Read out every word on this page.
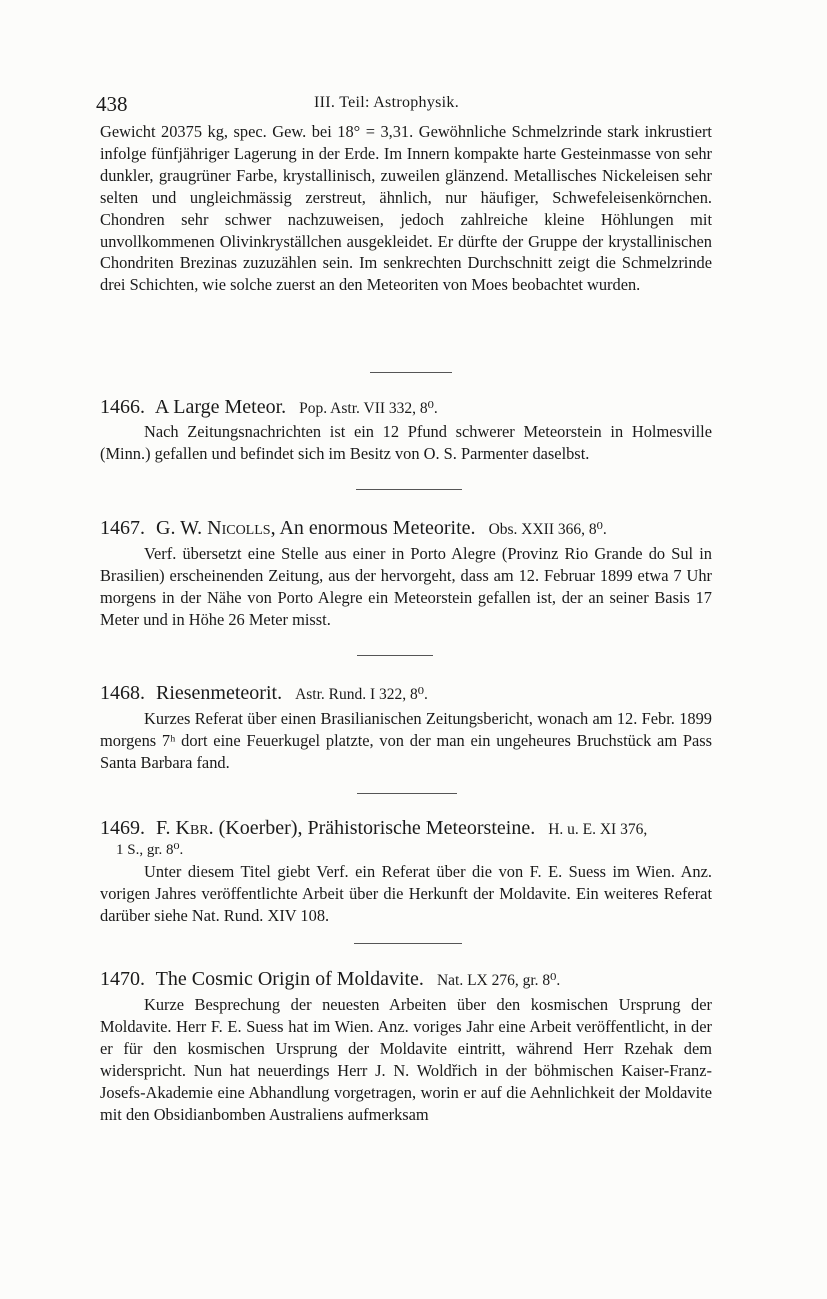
438	III. Teil: Astrophysik.

Gewicht 20375 kg, spec. Gew. bei 18° = 3,31. Gewöhnliche Schmelzrinde stark inkrustiert infolge fünfjähriger Lagerung in der Erde. Im Innern kompakte harte Gesteinmasse von sehr dunkler, graugrüner Farbe, krystallinisch, zuweilen glänzend. Metallisches Nickeleisen sehr selten und ungleichmässig zerstreut, ähnlich, nur häufiger, Schwefeleisenkörnchen. Chondren sehr schwer nachzuweisen, jedoch zahlreiche kleine Höhlungen mit unvollkommenen Olivinkryställchen ausgekleidet. Er dürfte der Gruppe der krystallinischen Chondriten Brezinas zuzuzählen sein. Im senkrechten Durchschnitt zeigt die Schmelzrinde drei Schichten, wie solche zuerst an den Meteoriten von Moes beobachtet wurden.

1466. A Large Meteor. Pop. Astr. VII 332, 8⁰.

Nach Zeitungsnachrichten ist ein 12 Pfund schwerer Meteorstein in Holmesville (Minn.) gefallen und befindet sich im Besitz von O. S. Parmenter daselbst.

1467. G. W. Nicolls, An enormous Meteorite. Obs. XXII 366, 8⁰.

Verf. übersetzt eine Stelle aus einer in Porto Alegre (Provinz Rio Grande do Sul in Brasilien) erscheinenden Zeitung, aus der hervorgeht, dass am 12. Februar 1899 etwa 7 Uhr morgens in der Nähe von Porto Alegre ein Meteorstein gefallen ist, der an seiner Basis 17 Meter und in Höhe 26 Meter misst.

1468. Riesenmeteorit. Astr. Rund. I 322, 8⁰.

Kurzes Referat über einen Brasilianischen Zeitungsbericht, wonach am 12. Febr. 1899 morgens 7ʰ dort eine Feuerkugel platzte, von der man ein ungeheures Bruchstück am Pass Santa Barbara fand.

1469. F. Kbr. (Koerber), Prähistorische Meteorsteine. H. u. E. XI 376,
1 S., gr. 8⁰.

Unter diesem Titel giebt Verf. ein Referat über die von F. E. Suess im Wien. Anz. vorigen Jahres veröffentlichte Arbeit über die Herkunft der Moldavite. Ein weiteres Referat darüber siehe Nat. Rund. XIV 108.

1470. The Cosmic Origin of Moldavite. Nat. LX 276, gr. 8⁰.

Kurze Besprechung der neuesten Arbeiten über den kosmischen Ursprung der Moldavite. Herr F. E. Suess hat im Wien. Anz. voriges Jahr eine Arbeit veröffentlicht, in der er für den kosmischen Ursprung der Moldavite eintritt, während Herr Rzehak dem widerspricht. Nun hat neuerdings Herr J. N. Woldřich in der böhmischen Kaiser-Franz-Josefs-Akademie eine Abhandlung vorgetragen, worin er auf die Aehnlichkeit der Moldavite mit den Obsidianbomben Australiens aufmerksam
